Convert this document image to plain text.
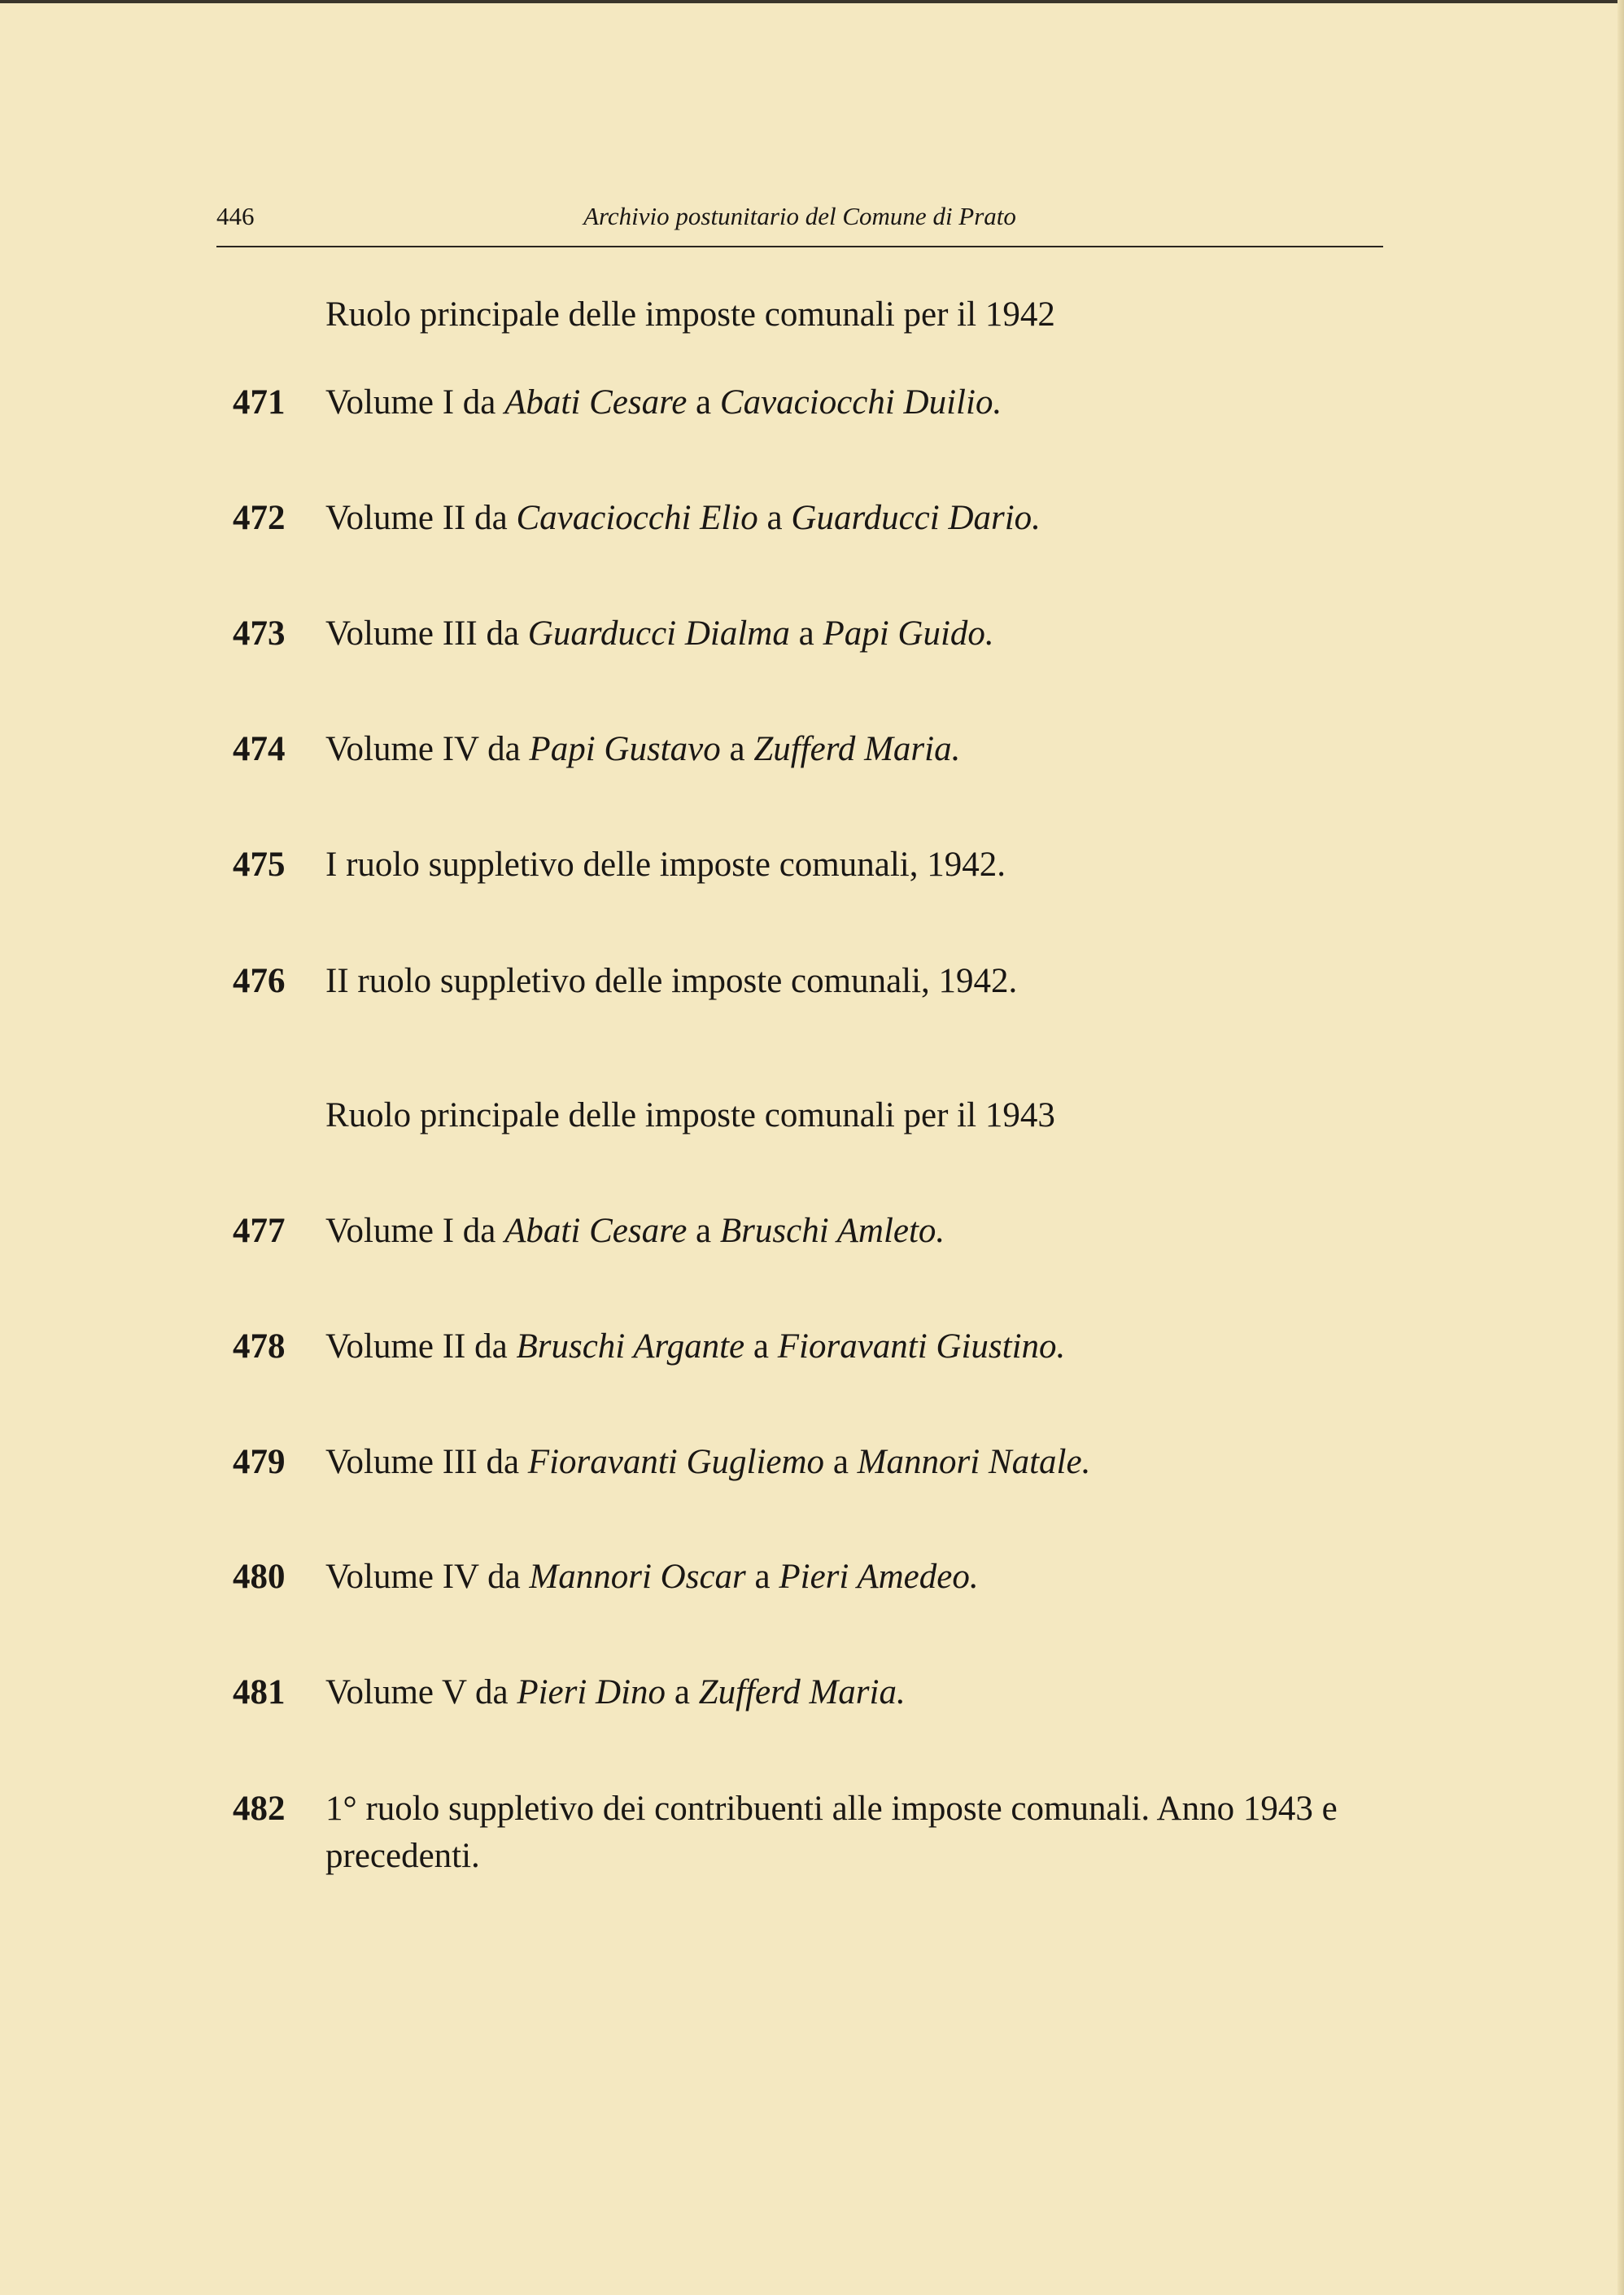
446	Archivio postunitario del Comune di Prato
Ruolo principale delle imposte comunali per il 1942
471 Volume I da Abati Cesare a Cavaciocchi Duilio.
472 Volume II da Cavaciocchi Elio a Guarducci Dario.
473 Volume III da Guarducci Dialma a Papi Guido.
474 Volume IV da Papi Gustavo a Zufferd Maria.
475 I ruolo suppletivo delle imposte comunali, 1942.
476 II ruolo suppletivo delle imposte comunali, 1942.
Ruolo principale delle imposte comunali per il 1943
477 Volume I da Abati Cesare a Bruschi Amleto.
478 Volume II da Bruschi Argante a Fioravanti Giustino.
479 Volume III da Fioravanti Gugliemo a Mannori Natale.
480 Volume IV da Mannori Oscar a Pieri Amedeo.
481 Volume V da Pieri Dino a Zufferd Maria.
482 1° ruolo suppletivo dei contribuenti alle imposte comunali. Anno 1943 e precedenti.
